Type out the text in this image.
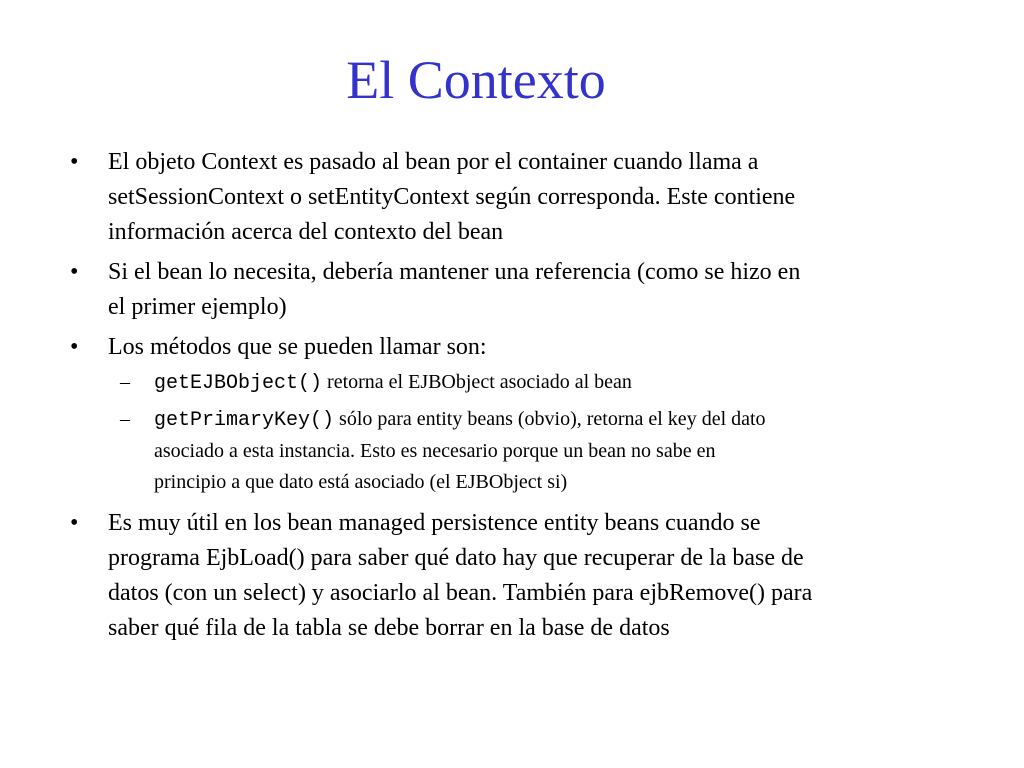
El Contexto
• El objeto Context es pasado al bean por el container cuando llama a
setSessionContext o setEntityContext según corresponda. Este contiene
información acerca del contexto del bean
• Si el bean lo necesita, debería mantener una referencia (como se hizo en
el primer ejemplo)
• Los métodos que se pueden llamar son:
– getEJBObject() retorna el EJBObject asociado al bean
– getPrimaryKey() sólo para entity beans (obvio), retorna el key del dato
asociado a esta instancia. Esto es necesario porque un bean no sabe en
principio a que dato está asociado (el EJBObject si)
• Es muy útil en los bean managed persistence entity beans cuando se
programa EjbLoad() para saber qué dato hay que recuperar de la base de
datos (con un select) y asociarlo al bean. También para ejbRemove() para
saber qué fila de la tabla se debe borrar en la base de datos
